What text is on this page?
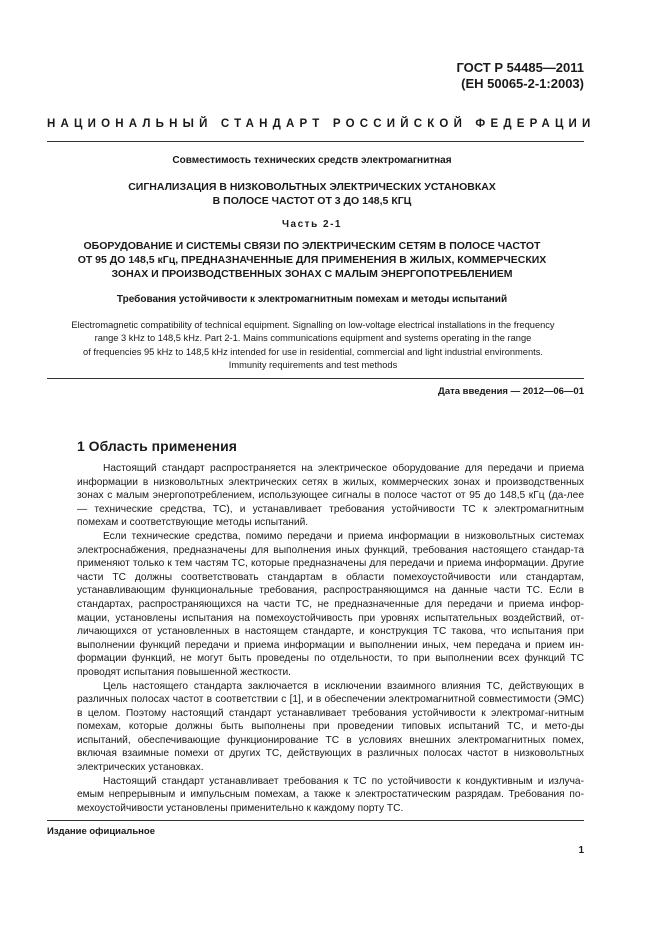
ГОСТ Р 54485—2011
(ЕН 50065-2-1:2003)
НАЦИОНАЛЬНЫЙ СТАНДАРТ РОССИЙСКОЙ ФЕДЕРАЦИИ
Совместимость технических средств электромагнитная
СИГНАЛИЗАЦИЯ В НИЗКОВОЛЬТНЫХ ЭЛЕКТРИЧЕСКИХ УСТАНОВКАХ
В ПОЛОСЕ ЧАСТОТ ОТ 3 ДО 148,5 КГЦ
Часть 2-1
ОБОРУДОВАНИЕ И СИСТЕМЫ СВЯЗИ ПО ЭЛЕКТРИЧЕСКИМ СЕТЯМ В ПОЛОСЕ ЧАСТОТ
ОТ 95 ДО 148,5 кГц, ПРЕДНАЗНАЧЕННЫЕ ДЛЯ ПРИМЕНЕНИЯ В ЖИЛЫХ, КОММЕРЧЕСКИХ
ЗОНАХ И ПРОИЗВОДСТВЕННЫХ ЗОНАХ С МАЛЫМ ЭНЕРГОПОТРЕБЛЕНИЕМ
Требования устойчивости к электромагнитным помехам и методы испытаний
Electromagnetic compatibility of technical equipment. Signalling on low-voltage electrical installations in the frequency
range 3 kHz to 148,5 kHz. Part 2-1. Mains communications equipment and systems operating in the range
of frequencies 95 kHz to 148,5 kHz intended for use in residential, commercial and light industrial environments.
Immunity requirements and test methods
Дата введения — 2012—06—01
1 Область применения

Настоящий стандарт распространяется на электрическое оборудование для передачи и приема информации в низковольтных электрических сетях в жилых, коммерческих зонах и производственных зонах с малым энергопотреблением, использующее сигналы в полосе частот от 95 до 148,5 кГц (да-лее — технические средства, ТС), и устанавливает требования устойчивости ТС к электромагнитным помехам и соответствующие методы испытаний.

Если технические средства, помимо передачи и приема информации в низковольтных системах электроснабжения, предназначены для выполнения иных функций, требования настоящего стандар-та применяют только к тем частям ТС, которые предназначены для передачи и приема информации. Другие части ТС должны соответствовать стандартам в области помехоустойчивости или стандартам, устанавливающим функциональные требования, распространяющимся на данные части ТС. Если в стандартах, распространяющихся на части ТС, не предназначенные для передачи и приема инфор-мации, установлены испытания на помехоустойчивость при уровнях испытательных воздействий, от-личающихся от установленных в настоящем стандарте, и конструкция ТС такова, что испытания при выполнении функций передачи и приема информации и выполнении иных, чем передача и прием ин-формации функций, не могут быть проведены по отдельности, то при выполнении всех функций ТС проводят испытания повышенной жесткости.

Цель настоящего стандарта заключается в исключении взаимного влияния ТС, действующих в различных полосах частот в соответствии с [1], и в обеспечении электромагнитной совместимости (ЭМС) в целом. Поэтому настоящий стандарт устанавливает требования устойчивости к электромаг-нитным помехам, которые должны быть выполнены при проведении типовых испытаний ТС, и мето-ды испытаний, обеспечивающие функционирование ТС в условиях внешних электромагнитных помех, включая взаимные помехи от других ТС, действующих в различных полосах частот в низковольтных электрических установках.

Настоящий стандарт устанавливает требования к ТС по устойчивости к кондуктивным и излуча-емым непрерывным и импульсным помехам, а также к электростатическим разрядам. Требования по-мехоустойчивости установлены применительно к каждому порту ТС.

Издание официальное
1
